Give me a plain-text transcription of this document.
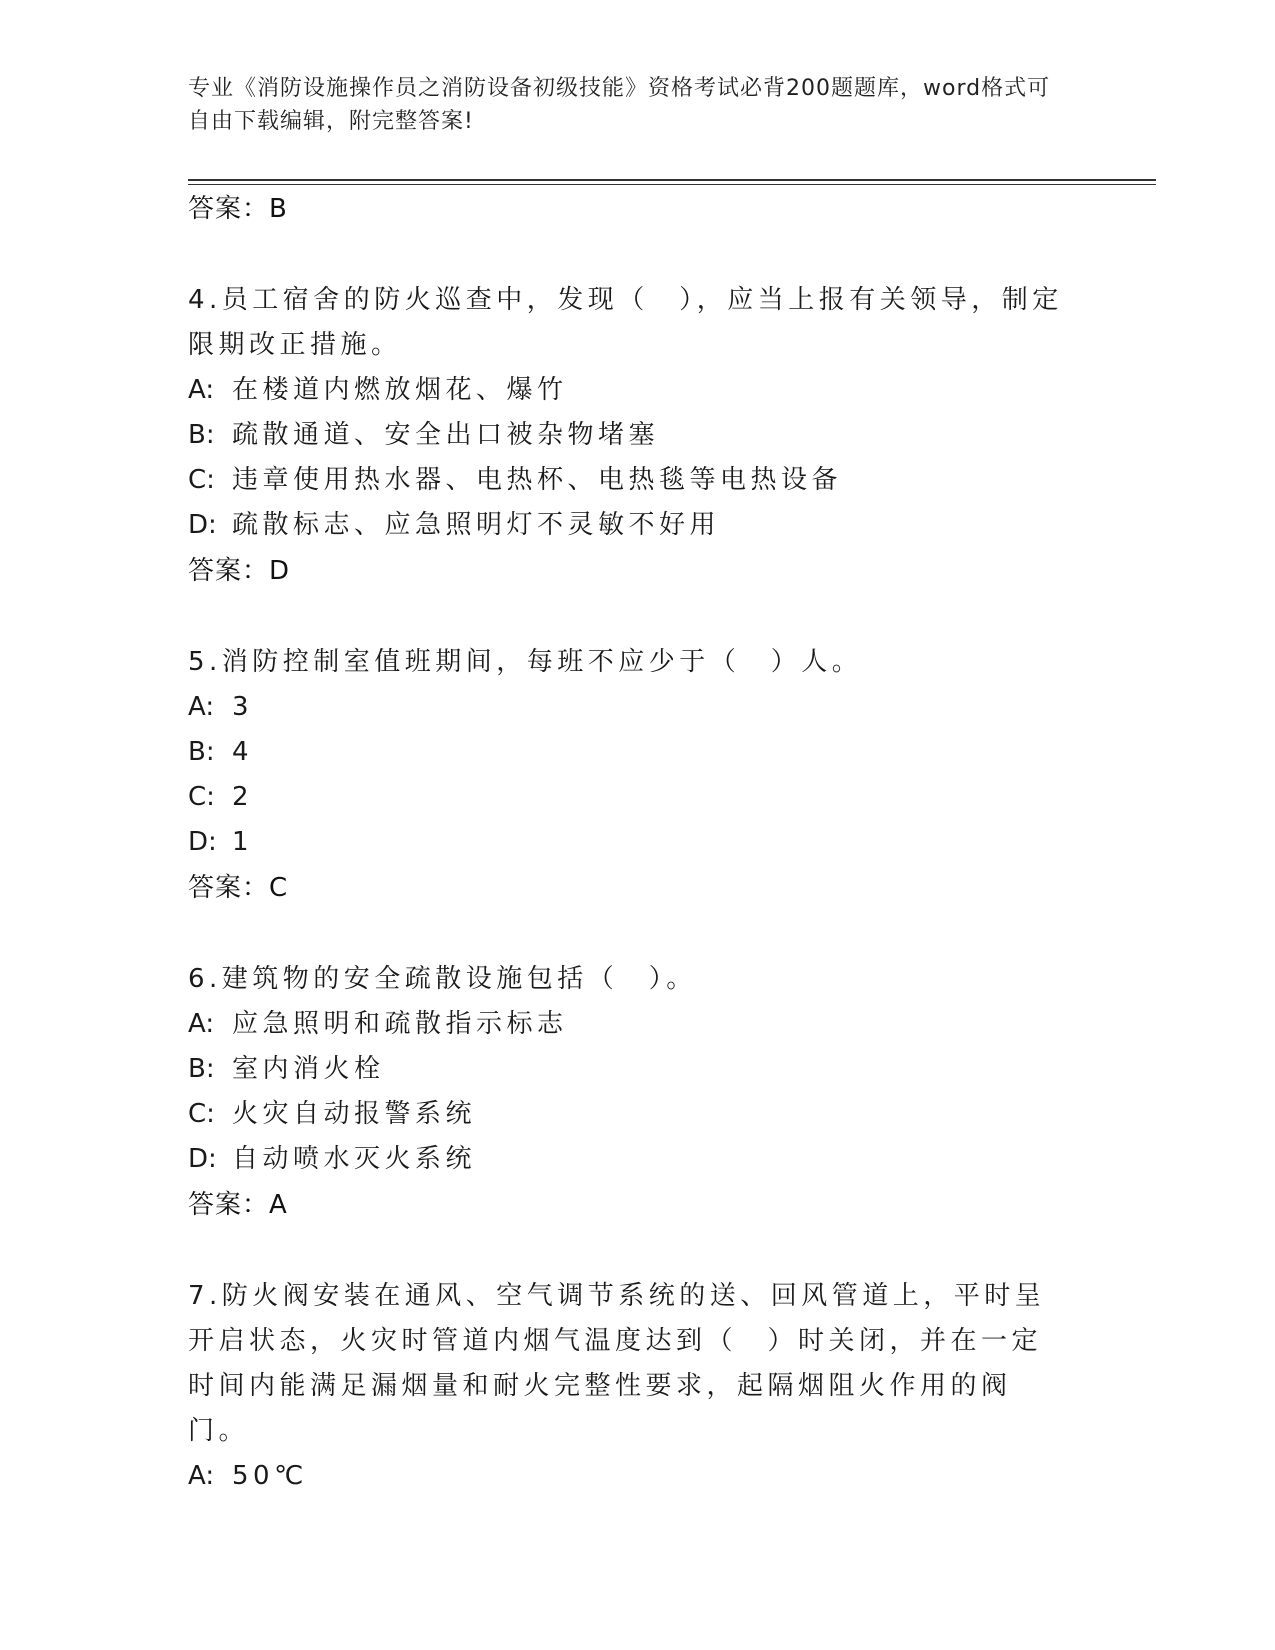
专业《消防设施操作员之消防设备初级技能》资格考试必背200题题库，word格式可自由下载编辑，附完整答案!
答案：B
4.员工宿舍的防火巡查中，发现（　），应当上报有关领导，制定限期改正措施。
A: 在楼道内燃放烟花、爆竹
B: 疏散通道、安全出口被杂物堵塞
C: 违章使用热水器、电热杯、电热毯等电热设备
D: 疏散标志、应急照明灯不灵敏不好用
答案：D
5.消防控制室值班期间，每班不应少于（　）人。
A: 3
B: 4
C: 2
D: 1
答案：C
6.建筑物的安全疏散设施包括（　）。
A: 应急照明和疏散指示标志
B: 室内消火栓
C: 火灾自动报警系统
D: 自动喷水灭火系统
答案：A
7.防火阀安装在通风、空气调节系统的送、回风管道上，平时呈开启状态，火灾时管道内烟气温度达到（　）时关闭，并在一定时间内能满足漏烟量和耐火完整性要求，起隔烟阻火作用的阀门。
A: 50℃
